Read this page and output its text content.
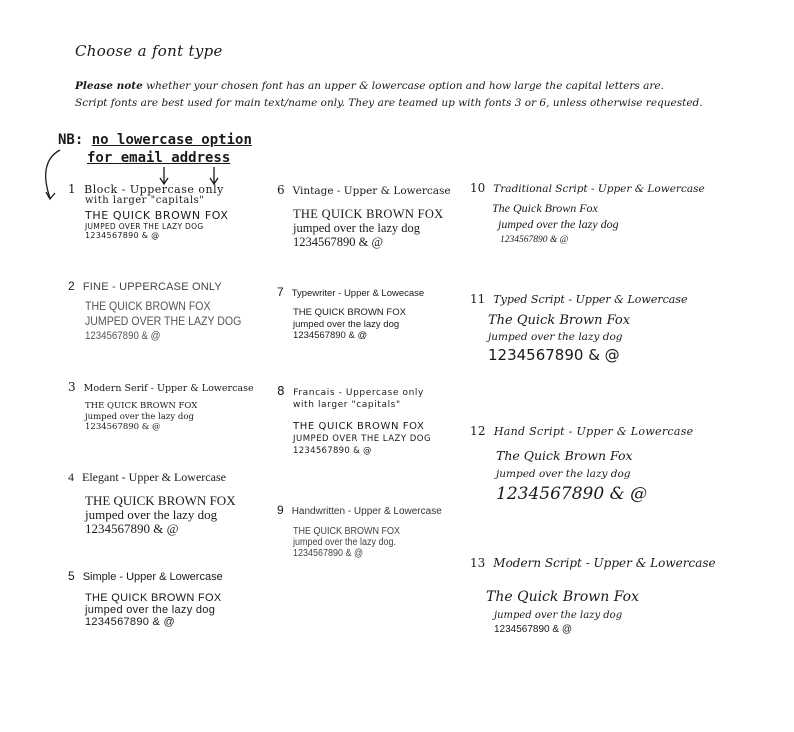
Choose a font type
Please note whether your chosen font has an upper & lowercase option and how large the capital letters are.
Script fonts are best used for main text/name only. They are teamed up with fonts 3 or 6, unless otherwise requested.
NB: no lowercase option
for email address
1 Block - Uppercase only
with larger "capitals"
THE QUICK BROWN FOX
JUMPED OVER THE LAZY DOG
1234567890 & @
2 FINE - UPPERCASE ONLY
THE QUICK BROWN FOX
JUMPED OVER THE LAZY DOG
1234567890 & @
3 Modern Serif - Upper & Lowercase
THE QUICK BROWN FOX
jumped over the lazy dog
1234567890 & @
4 Elegant - Upper & Lowercase
THE QUICK BROWN FOX
jumped over the lazy dog
1234567890 & @
5 Simple - Upper & Lowercase
THE QUICK BROWN FOX
jumped over the lazy dog
1234567890 & @
6 Vintage - Upper & Lowercase
THE QUICK BROWN FOX
jumped over the lazy dog
1234567890 & @
7 Typewriter - Upper & Lowecase
THE QUICK BROWN FOX
jumped over the lazy dog
1234567890 & @
8 Francais - Uppercase only
with larger "capitals"
THE QUICK BROWN FOX
JUMPED OVER THE LAZY DOG
1234567890 & @
9 Handwritten - Upper & Lowercase
THE QUICK BROWN FOX
jumped over the lazy dog.
1234567890 & @
10 Traditional Script - Upper & Lowercase
The Quick Brown Fox
jumped over the lazy dog
1234567890 & @
11 Typed Script - Upper & Lowercase
The Quick Brown Fox
jumped over the lazy dog
1234567890 & @
12 Hand Script - Upper & Lowercase
The Quick Brown Fox
jumped over the lazy dog
1234567890 & @
13 Modern Script - Upper & Lowercase
The Quick Brown Fox
jumped over the lazy dog
1234567890 & @
